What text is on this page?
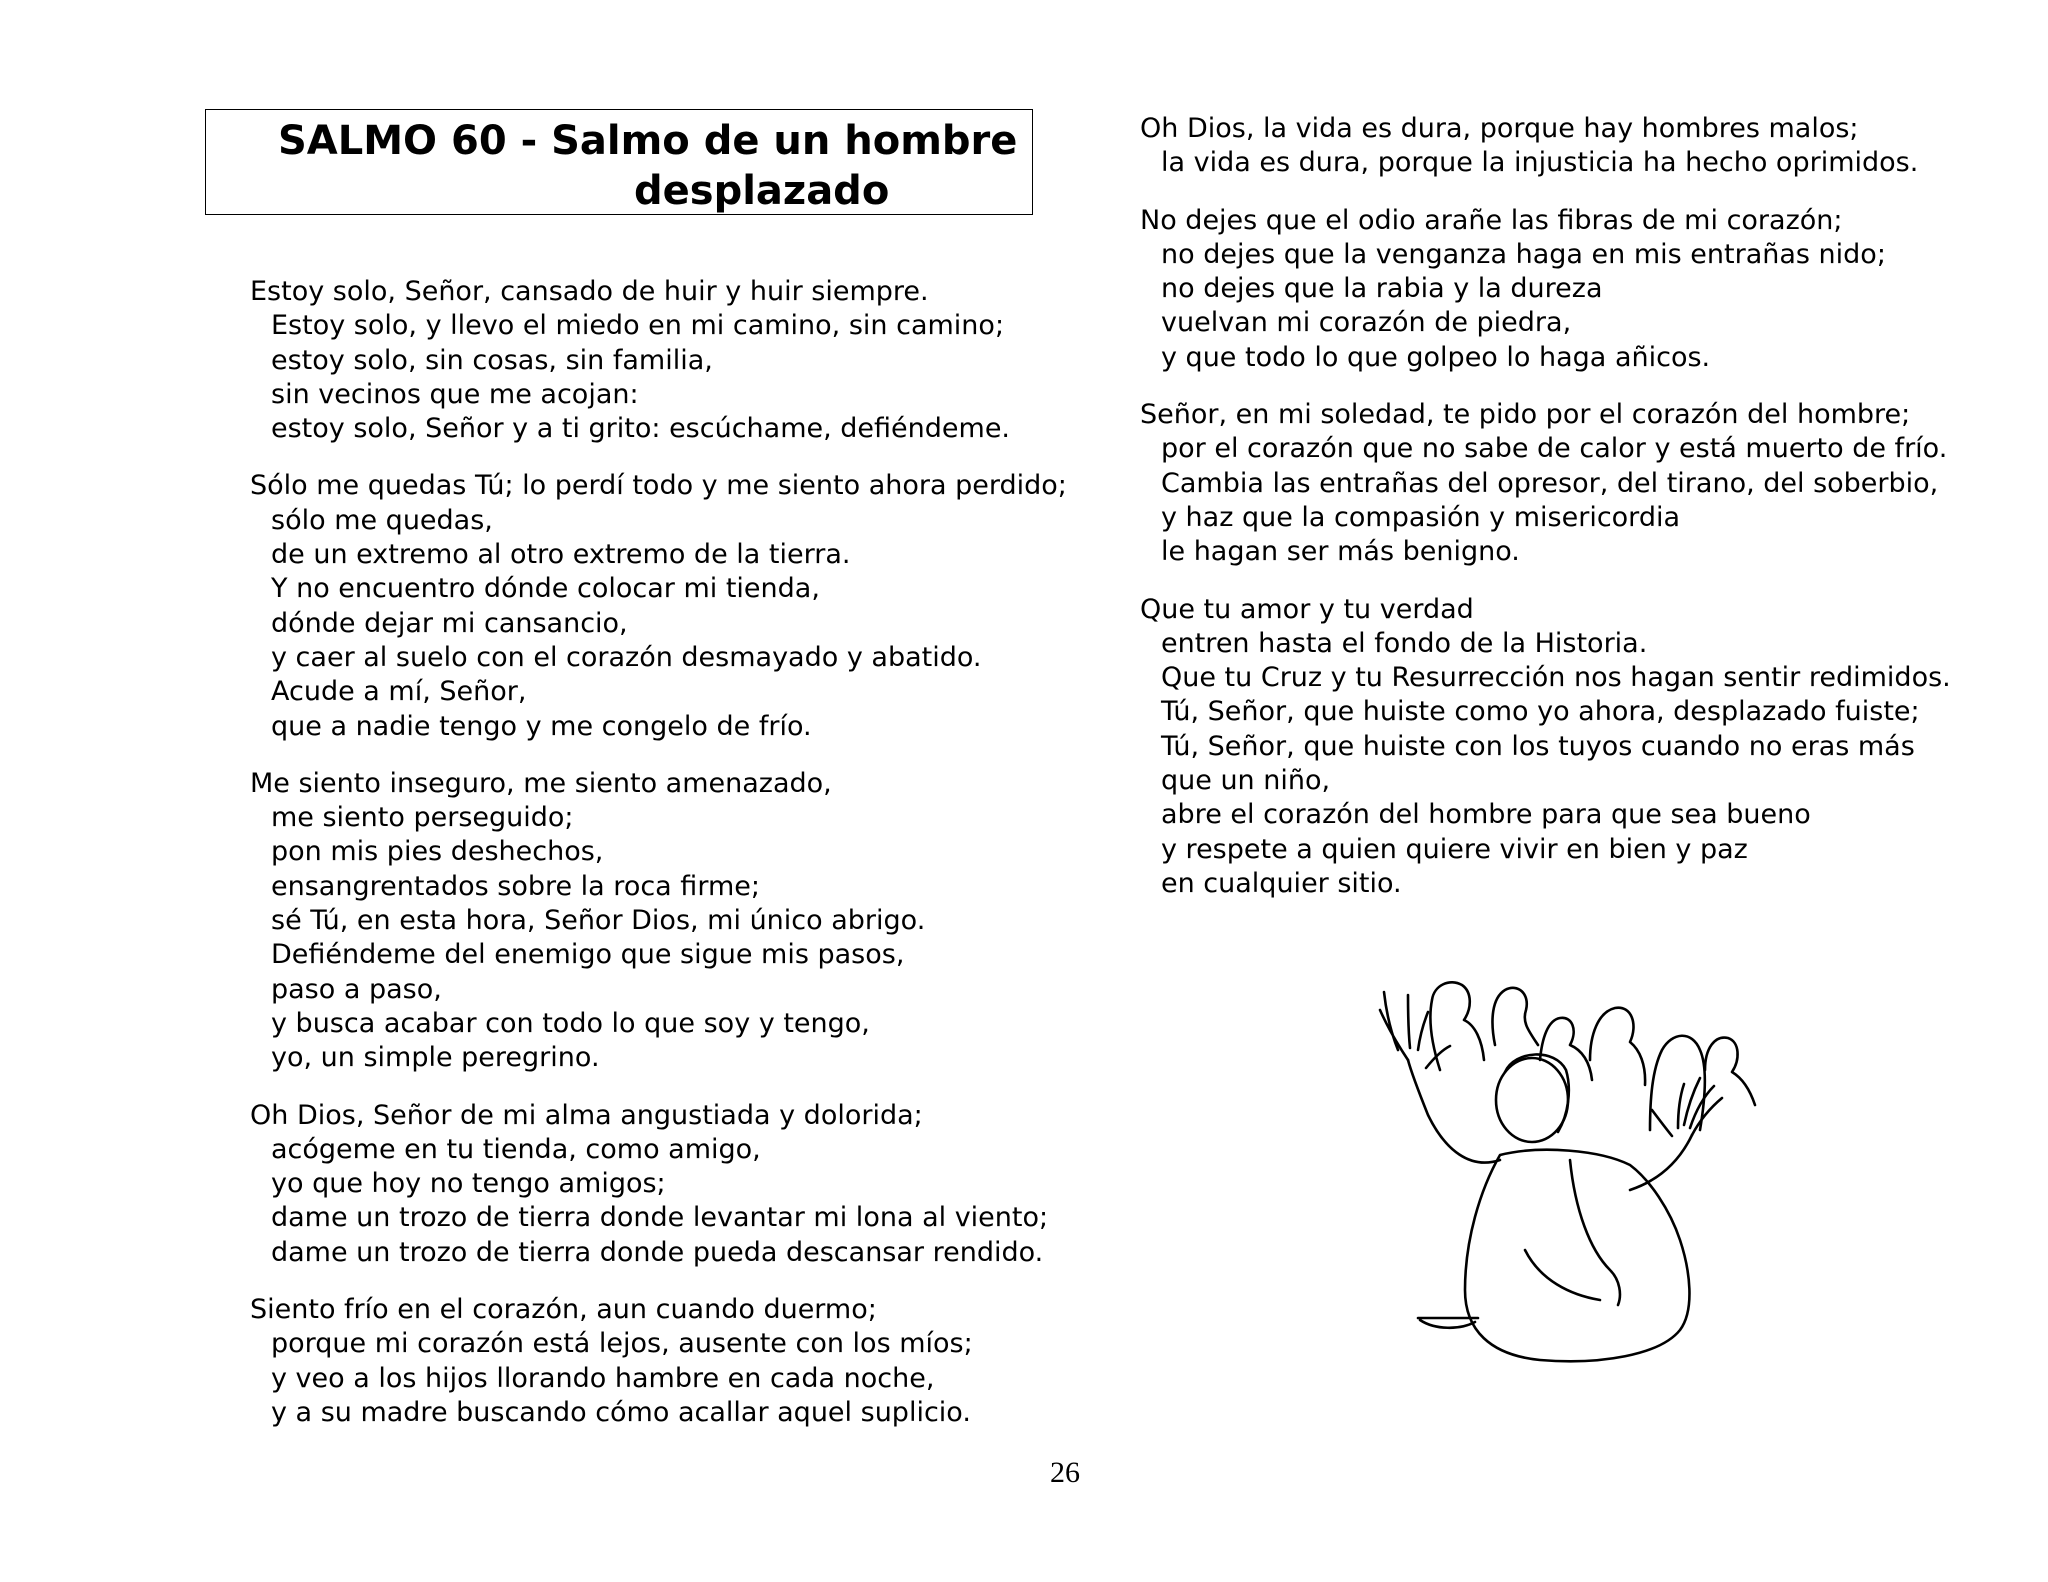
SALMO 60 - Salmo de un hombre
desplazado
Estoy solo, Señor, cansado de huir y huir siempre.
Estoy solo, y llevo el miedo en mi camino, sin camino;
estoy solo, sin cosas, sin familia,
sin vecinos que me acojan:
estoy solo, Señor y a ti grito: escúchame, defiéndeme.
Sólo me quedas Tú; lo perdí todo y me siento ahora perdido;
sólo me quedas,
de un extremo al otro extremo de la tierra.
Y no encuentro dónde colocar mi tienda,
dónde dejar mi cansancio,
y caer al suelo con el corazón desmayado y abatido.
Acude a mí, Señor,
que a nadie tengo y me congelo de frío.
Me siento inseguro, me siento amenazado,
me siento perseguido;
pon mis pies deshechos,
ensangrentados sobre la roca firme;
sé Tú, en esta hora, Señor Dios, mi único abrigo.
Defiéndeme del enemigo que sigue mis pasos,
paso a paso,
y busca acabar con todo lo que soy y tengo,
yo, un simple peregrino.
Oh Dios, Señor de mi alma angustiada y dolorida;
acógeme en tu tienda, como amigo,
yo que hoy no tengo amigos;
dame un trozo de tierra donde levantar mi lona al viento;
dame un trozo de tierra donde pueda descansar rendido.
Siento frío en el corazón, aun cuando duermo;
porque mi corazón está lejos, ausente con los míos;
y veo a los hijos llorando hambre en cada noche,
y a su madre buscando cómo acallar aquel suplicio.
Oh Dios, la vida es dura, porque hay hombres malos;
la vida es dura, porque la injusticia ha hecho oprimidos.
No dejes que el odio arañe las fibras de mi corazón;
no dejes que la venganza haga en mis entrañas nido;
no dejes que la rabia y la dureza
vuelvan mi corazón de piedra,
y que todo lo que golpeo lo haga añicos.
Señor, en mi soledad, te pido por el corazón del hombre;
por el corazón que no sabe de calor y está muerto de frío.
Cambia las entrañas del opresor, del tirano, del soberbio,
y haz que la compasión y misericordia
le hagan ser más benigno.
Que tu amor y tu verdad
entren hasta el fondo de la Historia.
Que tu Cruz y tu Resurrección nos hagan sentir redimidos.
Tú, Señor, que huiste como yo ahora, desplazado fuiste;
Tú, Señor, que huiste con los tuyos cuando no eras más
que un niño,
abre el corazón del hombre para que sea bueno
y respete a quien quiere vivir en bien y paz
en cualquier sitio.
26
